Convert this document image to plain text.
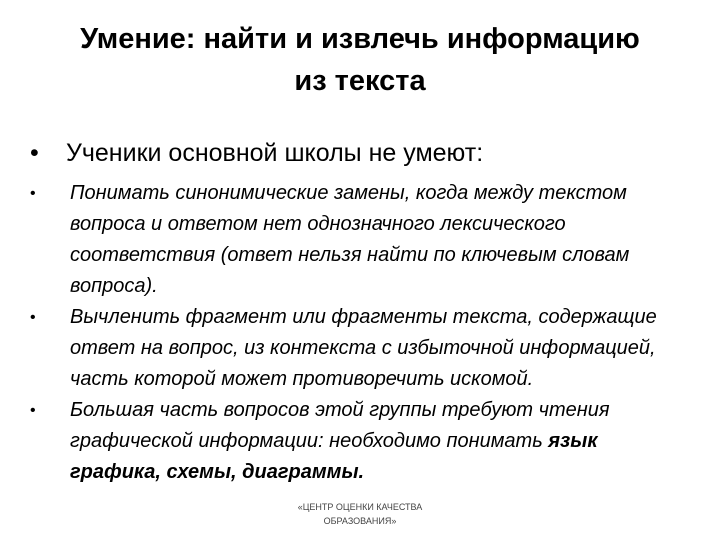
Умение: найти и извлечь информацию
из текста
•	Ученики основной школы не умеют:
•	Понимать синонимические замены, когда между текстом вопроса и ответом нет однозначного лексического соответствия (ответ нельзя найти по ключевым словам вопроса).
•	Вычленить фрагмент или фрагменты текста, содержащие ответ на вопрос, из контекста с избыточной информацией, часть которой может противоречить искомой.
•	Большая часть вопросов этой группы требуют чтения графической информации: необходимо понимать язык графика, схемы, диаграммы.
«ЦЕНТР ОЦЕНКИ КАЧЕСТВА
ОБРАЗОВАНИЯ»
